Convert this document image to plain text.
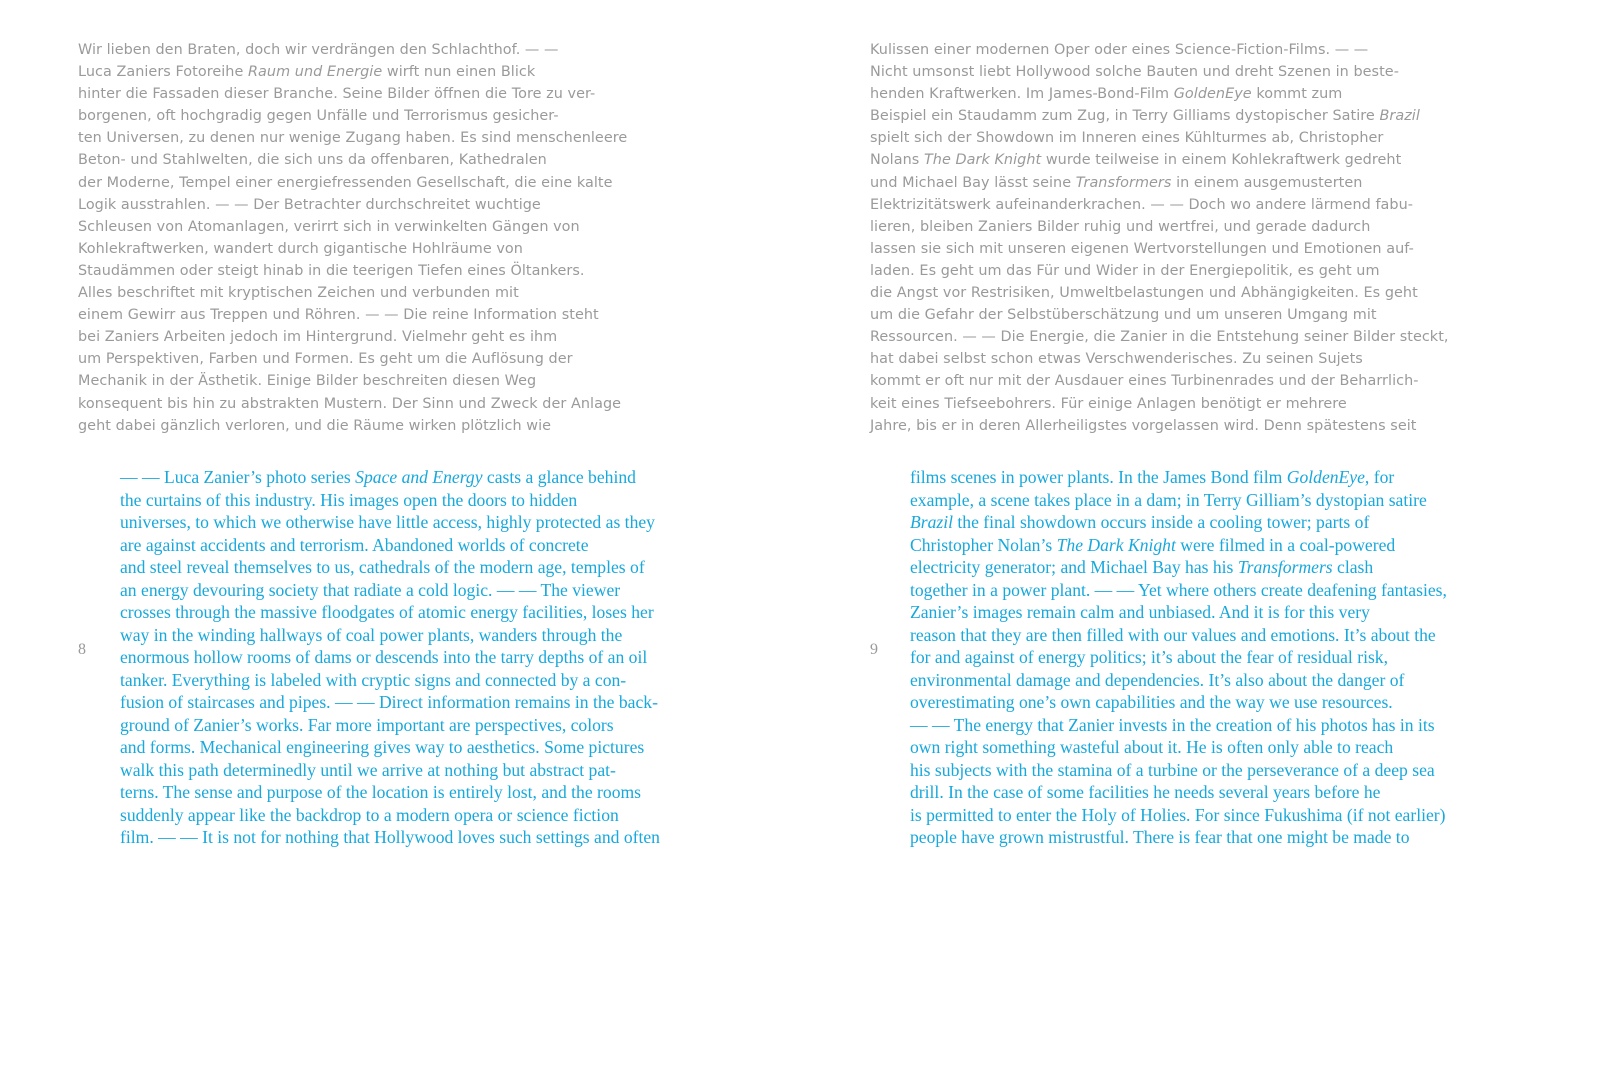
Wir lieben den Braten, doch wir verdrängen den Schlachthof. — —
Luca Zaniers Fotoreihe Raum und Energie wirft nun einen Blick
hinter die Fassaden dieser Branche. Seine Bilder öffnen die Tore zu ver-
borgenen, oft hochgradig gegen Unfälle und Terrorismus gesicher-
ten Universen, zu denen nur wenige Zugang haben. Es sind menschenleere
Beton- und Stahlwelten, die sich uns da offenbaren, Kathedralen
der Moderne, Tempel einer energiefressenden Gesellschaft, die eine kalte
Logik ausstrahlen. — — Der Betrachter durchschreitet wuchtige
Schleusen von Atomanlagen, verirrt sich in verwinkelten Gängen von
Kohlekraftwerken, wandert durch gigantische Hohlräume von
Staudämmen oder steigt hinab in die teerigen Tiefen eines Öltankers.
Alles beschriftet mit kryptischen Zeichen und verbunden mit
einem Gewirr aus Treppen und Röhren. — — Die reine Information steht
bei Zaniers Arbeiten jedoch im Hintergrund. Vielmehr geht es ihm
um Perspektiven, Farben und Formen. Es geht um die Auflösung der
Mechanik in der Ästhetik. Einige Bilder beschreiten diesen Weg
konsequent bis hin zu abstrakten Mustern. Der Sinn und Zweck der Anlage
geht dabei gänzlich verloren, und die Räume wirken plötzlich wie
8
— — Luca Zanier’s photo series Space and Energy casts a glance behind
the curtains of this industry. His images open the doors to hidden
universes, to which we otherwise have little access, highly protected as they
are against accidents and terrorism. Abandoned worlds of concrete
and steel reveal themselves to us, cathedrals of the modern age, temples of
an energy devouring society that radiate a cold logic. — — The viewer
crosses through the massive floodgates of atomic energy facilities, loses her
way in the winding hallways of coal power plants, wanders through the
enormous hollow rooms of dams or descends into the tarry depths of an oil
tanker. Everything is labeled with cryptic signs and connected by a con-
fusion of staircases and pipes. — — Direct information remains in the back-
ground of Zanier’s works. Far more important are perspectives, colors
and forms. Mechanical engineering gives way to aesthetics. Some pictures
walk this path determinedly until we arrive at nothing but abstract pat-
terns. The sense and purpose of the location is entirely lost, and the rooms
suddenly appear like the backdrop to a modern opera or science fiction
film. — — It is not for nothing that Hollywood loves such settings and often
Kulissen einer modernen Oper oder eines Science-Fiction-Films. — —
Nicht umsonst liebt Hollywood solche Bauten und dreht Szenen in beste-
henden Kraftwerken. Im James-Bond-Film GoldenEye kommt zum
Beispiel ein Staudamm zum Zug, in Terry Gilliams dystopischer Satire Brazil
spielt sich der Showdown im Inneren eines Kühlturmes ab, Christopher
Nolans The Dark Knight wurde teilweise in einem Kohlekraftwerk gedreht
und Michael Bay lässt seine Transformers in einem ausgemusterten
Elektrizitätswerk aufeinanderkrachen. — — Doch wo andere lärmend fabu-
lieren, bleiben Zaniers Bilder ruhig und wertfrei, und gerade dadurch
lassen sie sich mit unseren eigenen Wertvorstellungen und Emotionen auf-
laden. Es geht um das Für und Wider in der Energiepolitik, es geht um
die Angst vor Restrisiken, Umweltbelastungen und Abhängigkeiten. Es geht
um die Gefahr der Selbstüberschätzung und um unseren Umgang mit
Ressourcen. — — Die Energie, die Zanier in die Entstehung seiner Bilder steckt,
hat dabei selbst schon etwas Verschwenderisches. Zu seinen Sujets
kommt er oft nur mit der Ausdauer eines Turbinenrades und der Beharrlich-
keit eines Tiefseebohrers. Für einige Anlagen benötigt er mehrere
Jahre, bis er in deren Allerheiligstes vorgelassen wird. Denn spätestens seit
9
films scenes in power plants. In the James Bond film GoldenEye, for
example, a scene takes place in a dam; in Terry Gilliam’s dystopian satire
Brazil the final showdown occurs inside a cooling tower; parts of
Christopher Nolan’s The Dark Knight were filmed in a coal-powered
electricity generator; and Michael Bay has his Transformers clash
together in a power plant. — — Yet where others create deafening fantasies,
Zanier’s images remain calm and unbiased. And it is for this very
reason that they are then filled with our values and emotions. It’s about the
for and against of energy politics; it’s about the fear of residual risk,
environmental damage and dependencies. It’s also about the danger of
overestimating one’s own capabilities and the way we use resources.
— — The energy that Zanier invests in the creation of his photos has in its
own right something wasteful about it. He is often only able to reach
his subjects with the stamina of a turbine or the perseverance of a deep sea
drill. In the case of some facilities he needs several years before he
is permitted to enter the Holy of Holies. For since Fukushima (if not earlier)
people have grown mistrustful. There is fear that one might be made to
